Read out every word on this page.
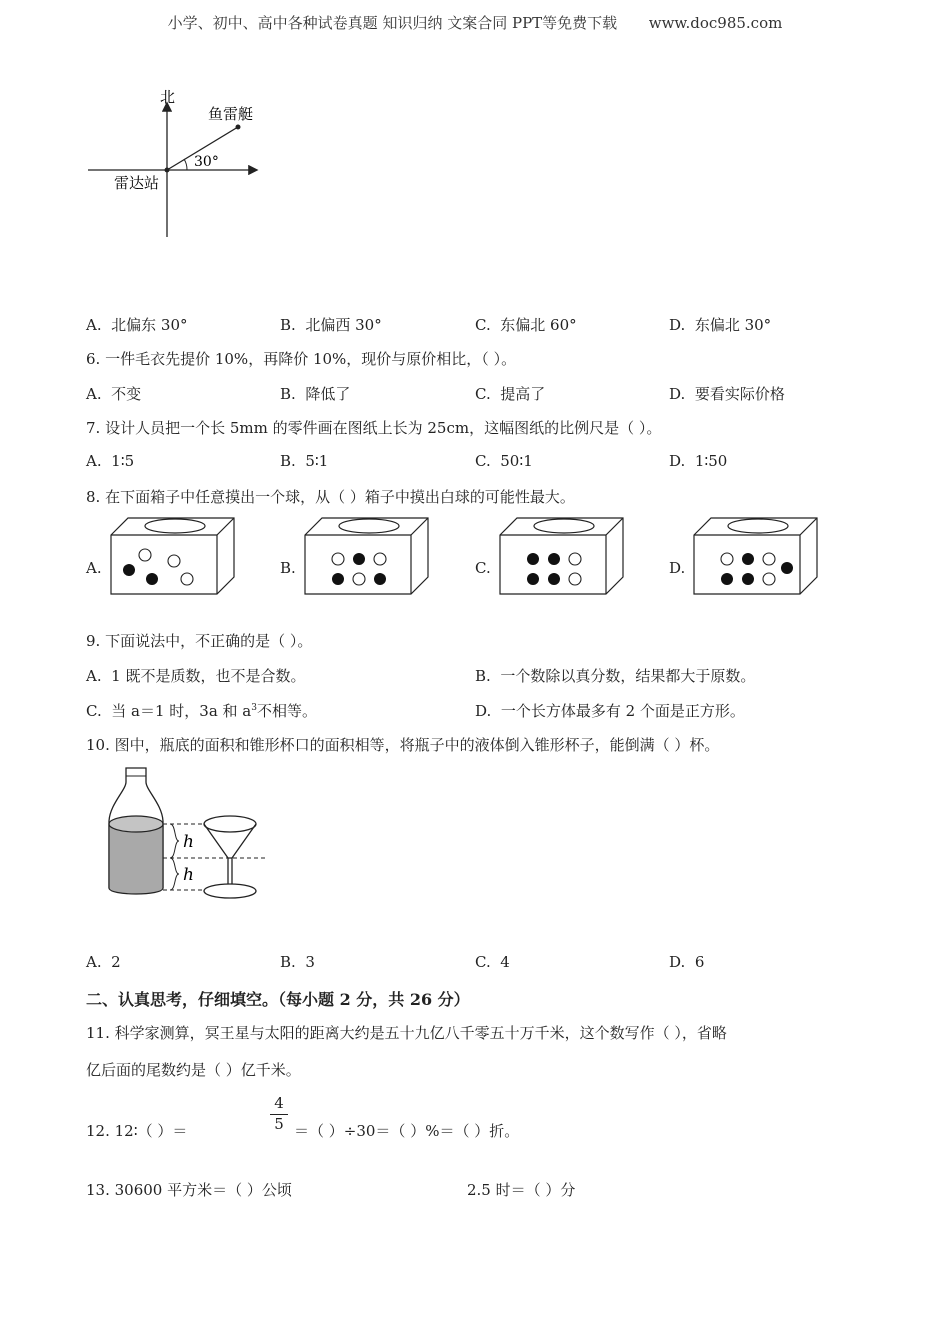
小学、初中、高中各种试卷真题 知识归纳 文案合同 PPT等免费下载 www.doc985.com
北
鱼雷艇
30°
雷达站
A. 北偏东 30°	B. 北偏西 30°	C. 东偏北 60°	D. 东偏北 30°
6. 一件毛衣先提价 10%，再降价 10%，现价与原价相比，（ ）。
A. 不变	B. 降低了	C. 提高了	D. 要看实际价格
7. 设计人员把一个长 5mm 的零件画在图纸上长为 25cm，这幅图纸的比例尺是（ ）。
A. 1∶5	B. 5∶1	C. 50∶1	D. 1∶50
8. 在下面箱子中任意摸出一个球，从（ ）箱子中摸出白球的可能性最大。
A.	B.	C.	D.
9. 下面说法中，不正确的是（ ）。
A. 1 既不是质数，也不是合数。	B. 一个数除以真分数，结果都大于原数。
C. 当 a＝1 时，3a 和 $a^3$不相等。	D. 一个长方体最多有 2 个面是正方形。
10. 图中，瓶底的面积和锥形杯口的面积相等，将瓶子中的液体倒入锥形杯子，能倒满（ ）杯。
h
h
A. 2	B. 3	C. 4	D. 6
二、认真思考，仔细填空。（每小题 2 分，共 26 分）
11. 科学家测算，冥王星与太阳的距离大约是五十九亿八千零五十万千米，这个数写作（ ），省略
亿后面的尾数约是（ ）亿千米。
12. 12∶（ ）＝
4
5 ＝（ ）÷30＝（ ）%＝（ ）折。
13. 30600 平方米＝（ ）公顷	2.5 时＝（ ）分
